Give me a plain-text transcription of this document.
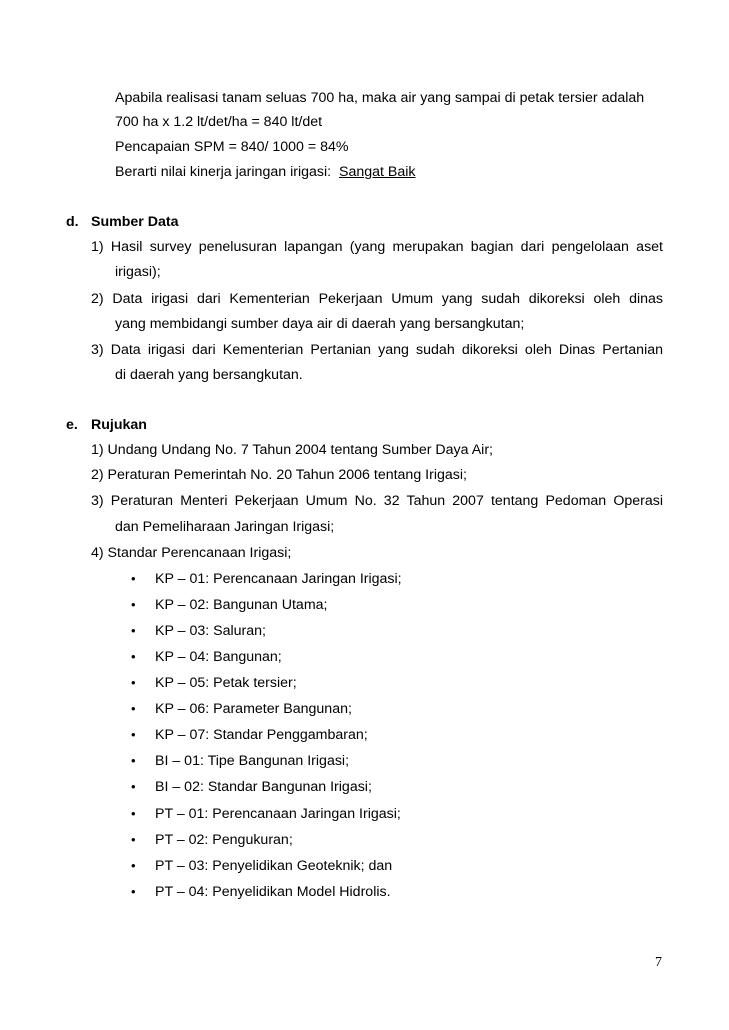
Apabila realisasi tanam seluas 700 ha, maka air yang sampai di petak tersier adalah
700 ha x 1.2 lt/det/ha = 840 lt/det
Pencapaian SPM = 840/ 1000 = 84%
Berarti nilai kinerja jaringan irigasi: Sangat Baik
d. Sumber Data
1) Hasil survey penelusuran lapangan (yang merupakan bagian dari pengelolaan aset
irigasi);
2) Data irigasi dari Kementerian Pekerjaan Umum yang sudah dikoreksi oleh dinas
yang membidangi sumber daya air di daerah yang bersangkutan;
3) Data irigasi dari Kementerian Pertanian yang sudah dikoreksi oleh Dinas Pertanian
di daerah yang bersangkutan.
e. Rujukan
1) Undang Undang No. 7 Tahun 2004 tentang Sumber Daya Air;
2) Peraturan Pemerintah No. 20 Tahun 2006 tentang Irigasi;
3) Peraturan Menteri Pekerjaan Umum No. 32 Tahun 2007 tentang Pedoman Operasi
dan Pemeliharaan Jaringan Irigasi;
4) Standar Perencanaan Irigasi;
• KP – 01: Perencanaan Jaringan Irigasi;
• KP – 02: Bangunan Utama;
• KP – 03: Saluran;
• KP – 04: Bangunan;
• KP – 05: Petak tersier;
• KP – 06: Parameter Bangunan;
• KP – 07: Standar Penggambaran;
• BI – 01: Tipe Bangunan Irigasi;
• BI – 02: Standar Bangunan Irigasi;
• PT – 01: Perencanaan Jaringan Irigasi;
• PT – 02: Pengukuran;
• PT – 03: Penyelidikan Geoteknik; dan
• PT – 04: Penyelidikan Model Hidrolis.
7
